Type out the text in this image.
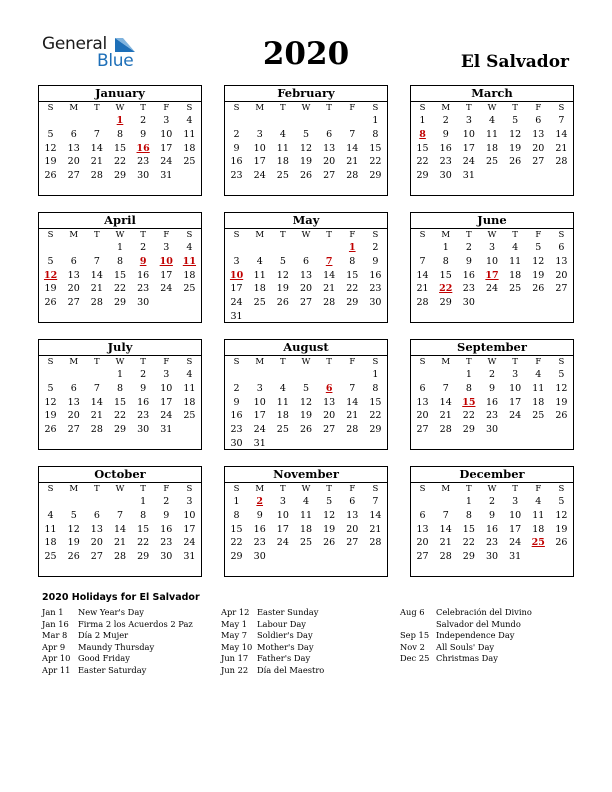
General
Blue	2020	El Salvador
January
S	M	T	W	T	F	S
			1	2	3	4
5	6	7	8	9	10	11
12	13	14	15	16	17	18
19	20	21	22	23	24	25
26	27	28	29	30	31	

February
S	M	T	W	T	F	S
						1
2	3	4	5	6	7	8
9	10	11	12	13	14	15
16	17	18	19	20	21	22
23	24	25	26	27	28	29

March
S	M	T	W	T	F	S
1	2	3	4	5	6	7
8	9	10	11	12	13	14
15	16	17	18	19	20	21
22	23	24	25	26	27	28
29	30	31				

April
S	M	T	W	T	F	S
			1	2	3	4
5	6	7	8	9	10	11
12	13	14	15	16	17	18
19	20	21	22	23	24	25
26	27	28	29	30		

May
S	M	T	W	T	F	S
					1	2
3	4	5	6	7	8	9
10	11	12	13	14	15	16
17	18	19	20	21	22	23
24	25	26	27	28	29	30
31						
June
S	M	T	W	T	F	S
	1	2	3	4	5	6
7	8	9	10	11	12	13
14	15	16	17	18	19	20
21	22	23	24	25	26	27
28	29	30				

July
S	M	T	W	T	F	S
			1	2	3	4
5	6	7	8	9	10	11
12	13	14	15	16	17	18
19	20	21	22	23	24	25
26	27	28	29	30	31	

August
S	M	T	W	T	F	S
						1
2	3	4	5	6	7	8
9	10	11	12	13	14	15
16	17	18	19	20	21	22
23	24	25	26	27	28	29
30	31					
September
S	M	T	W	T	F	S
		1	2	3	4	5
6	7	8	9	10	11	12
13	14	15	16	17	18	19
20	21	22	23	24	25	26
27	28	29	30			

October
S	M	T	W	T	F	S
				1	2	3
4	5	6	7	8	9	10
11	12	13	14	15	16	17
18	19	20	21	22	23	24
25	26	27	28	29	30	31

November
S	M	T	W	T	F	S
1	2	3	4	5	6	7
8	9	10	11	12	13	14
15	16	17	18	19	20	21
22	23	24	25	26	27	28
29	30					

December
S	M	T	W	T	F	S
		1	2	3	4	5
6	7	8	9	10	11	12
13	14	15	16	17	18	19
20	21	22	23	24	25	26
27	28	29	30	31		

2020 Holidays for El Salvador
Jan 1 New Year's Day
Jan 16 Firma 2 los Acuerdos 2 Paz
Mar 8 Día 2 Mujer
Apr 9 Maundy Thursday
Apr 10 Good Friday
Apr 11 Easter Saturday
Apr 12 Easter Sunday
May 1 Labour Day
May 7 Soldier's Day
May 10 Mother's Day
Jun 17 Father's Day
Jun 22 Día del Maestro
Aug 6 Celebración del Divino Salvador del Mundo
Sep 15 Independence Day
Nov 2 All Souls' Day
Dec 25 Christmas Day
